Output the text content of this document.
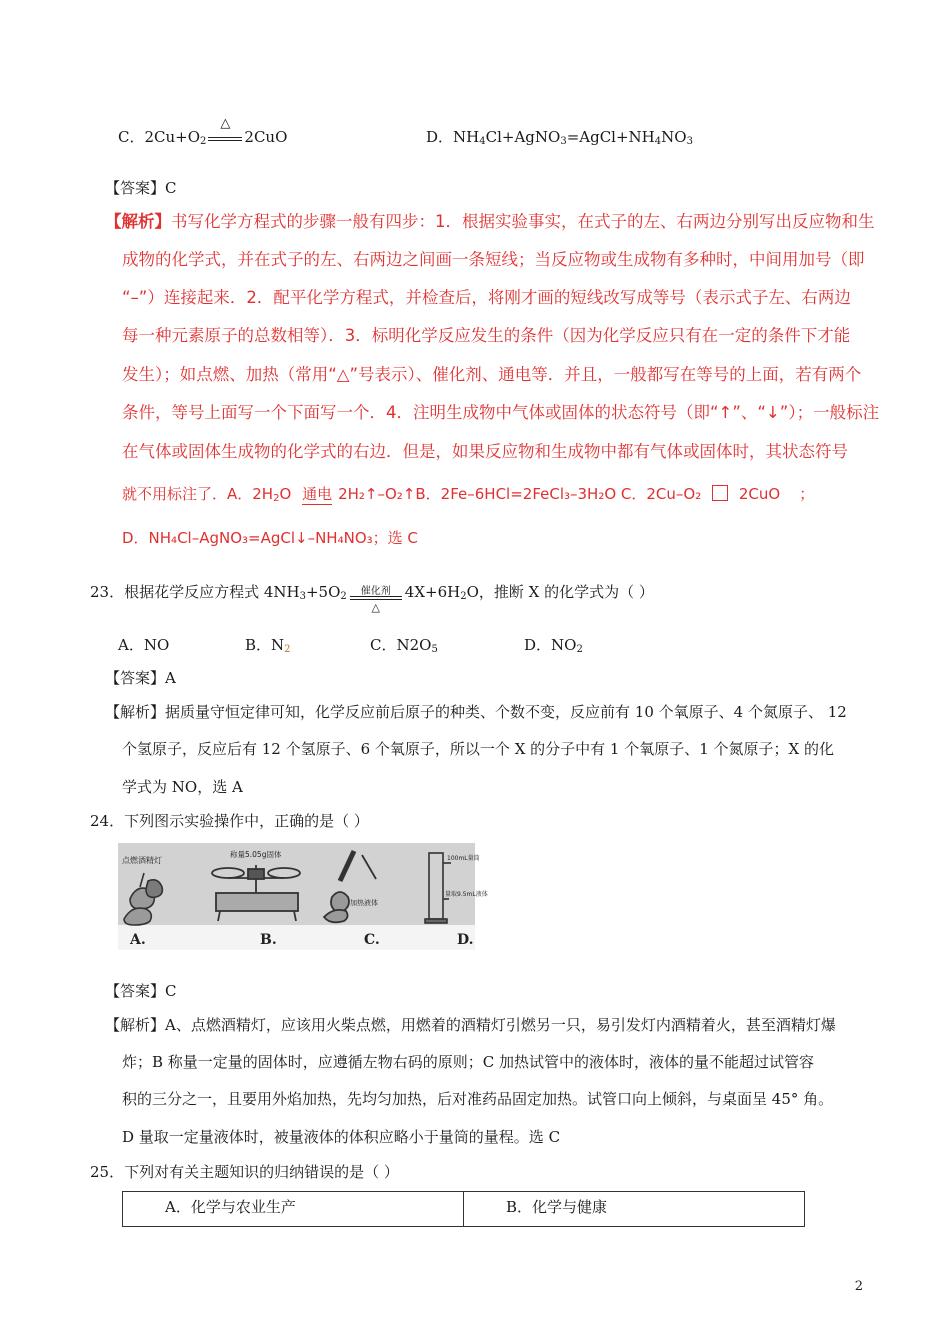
C．$2Cu+O_2$
△
2CuO	D．$NH_4Cl+AgNO_3=AgCl+NH_4NO_3$
【答案】C
【解析】书写化学方程式的步骤一般有四步：1．根据实验事实，在式子的左、右两边分别写出反应物和生
成物的化学式，并在式子的左、右两边之间画一条短线；当反应物或生成物有多种时，中间用加号（即
“–”）连接起来．2．配平化学方程式，并检查后，将刚才画的短线改写成等号（表示式子左、右两边
每一种元素原子的总数相等）．3．标明化学反应发生的条件（因为化学反应只有在一定的条件下才能
发生）；如点燃、加热（常用“△”号表示）、催化剂、通电等．并且，一般都写在等号的上面，若有两个
条件，等号上面写一个下面写一个．4．注明生成物中气体或固体的状态符号（即“↑”、“↓”）；一般标注
在气体或固体生成物的化学式的右边．但是，如果反应物和生成物中都有气体或固体时，其状态符号
就不用标注了．A．$2H_2O$ 通电 2H₂↑–O₂↑B．2Fe–6HCl=2FeCl₃–3H₂O C．2Cu–O₂	2CuO ；
D．NH₄Cl–AgNO₃=AgCl↓–NH₄NO₃；选 C
23．根据花学反应方程式 $4NH_3+5O_2$	催化剂
△
$4X+6H_2O$，推断 X 的化学式为（ ）
A．NO	B．$N_2$	C．$N2O_5$	D．$NO_2$
【答案】A
【解析】据质量守恒定律可知，化学反应前后原子的种类、个数不变，反应前有 10 个氧原子、4 个氮原子、 12
个氢原子，反应后有 12 个氢原子、6 个氧原子，所以一个 X 的分子中有 1 个氧原子、1 个氮原子；X 的化
学式为 NO，选 A
24．下列图示实验操作中，正确的是（ ）
点燃酒精灯
称量5.05g固体
加热液体
A.	B.	C.
100mL量筒
量取9.5mL液体
D.
【答案】C
【解析】A、点燃酒精灯，应该用火柴点燃，用燃着的酒精灯引燃另一只，易引发灯内酒精着火，甚至酒精灯爆
炸；B 称量一定量的固体时，应遵循左物右码的原则；C 加热试管中的液体时，液体的量不能超过试管容
积的三分之一，且要用外焰加热，先均匀加热，后对准药品固定加热。试管口向上倾斜，与桌面呈 45° 角。
D 量取一定量液体时，被量液体的体积应略小于量筒的量程。选 C
25．下列对有关主题知识的归纳错误的是（ ）
A．化学与农业生产	B．化学与健康
2
